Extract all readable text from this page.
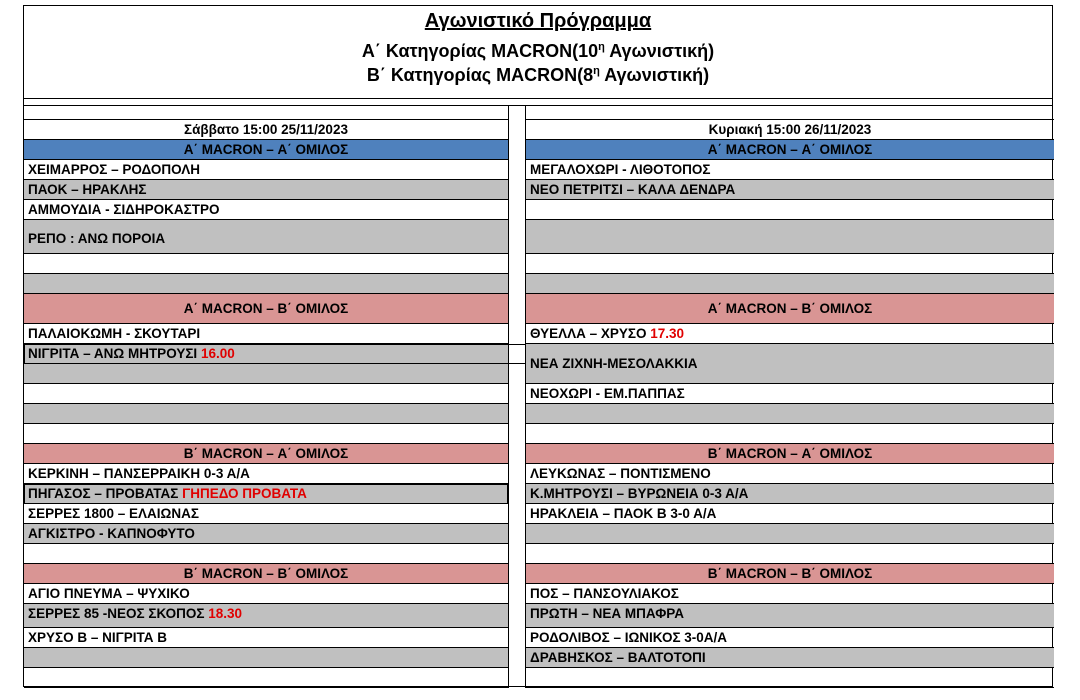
Αγωνιστικό Πρόγραμμα
Α΄ Κατηγορίας $MACRON(10^\eta$ Αγωνιστική)
Β΄ Κατηγορίας $MACRON(8^\eta$ Αγωνιστική)
Σάββατο 15:00 25/11/2023
Α΄ MACRON – Α΄ ΟΜΙΛΟΣ
ΧΕΙΜΑΡΡΟΣ – ΡΟΔΟΠΟΛΗ
ΠΑΟΚ – ΗΡΑΚΛΗΣ
ΑΜΜΟΥΔΙΑ - ΣΙΔΗΡΟΚΑΣΤΡΟ
ΡΕΠΟ : ΑΝΩ ΠΟΡΟΙΑ
Α΄ MACRON – Β΄ ΟΜΙΛΟΣ
ΠΑΛΑΙΟΚΩΜΗ - ΣΚΟΥΤΑΡΙ
ΝΙΓΡΙΤΑ – ΑΝΩ ΜΗΤΡΟΥΣΙ 16.00
Β΄ MACRON – Α΄ ΟΜΙΛΟΣ
ΚΕΡΚΙΝΗ – ΠΑΝΣΕΡΡΑΙΚΗ 0-3 Α/Α
ΠΗΓΑΣΟΣ – ΠΡΟΒΑΤΑΣ ΓΗΠΕΔΟ ΠΡΟΒΑΤΑ
ΣΕΡΡΕΣ 1800 – ΕΛΑΙΩΝΑΣ
ΑΓΚΙΣΤΡΟ - ΚΑΠΝΟΦΥΤΟ
Β΄ MACRON – Β΄ ΟΜΙΛΟΣ
ΑΓΙΟ ΠΝΕΥΜΑ – ΨΥΧΙΚΟ
ΣΕΡΡΕΣ 85 -ΝΕΟΣ ΣΚΟΠΟΣ 18.30
ΧΡΥΣΟ Β – ΝΙΓΡΙΤΑ Β
Κυριακή 15:00 26/11/2023
Α΄ MACRON – Α΄ ΟΜΙΛΟΣ
ΜΕΓΑΛΟΧΩΡΙ - ΛΙΘΟΤΟΠΟΣ
ΝΕΟ ΠΕΤΡΙΤΣΙ – ΚΑΛΑ ΔΕΝΔΡΑ
Α΄ MACRON – Β΄ ΟΜΙΛΟΣ
ΘΥΕΛΛΑ – ΧΡΥΣΟ 17.30
ΝΕΑ ΖΙΧΝΗ-ΜΕΣΟΛΑΚΚΙΑ
ΝΕΟΧΩΡΙ - ΕΜ.ΠΑΠΠΑΣ
Β΄ MACRON – Α΄ ΟΜΙΛΟΣ
ΛΕΥΚΩΝΑΣ – ΠΟΝΤΙΣΜΕΝΟ
Κ.ΜΗΤΡΟΥΣΙ – ΒΥΡΩΝΕΙΑ 0-3 Α/Α
ΗΡΑΚΛΕΙΑ – ΠΑΟΚ Β 3-0 Α/Α
Β΄ MACRON – Β΄ ΟΜΙΛΟΣ
ΠΟΣ – ΠΑΝΣΟΥΛΙΑΚΟΣ
ΠΡΩΤΗ – ΝΕΑ ΜΠΑΦΡΑ
ΡΟΔΟΛΙΒΟΣ – ΙΩΝΙΚΟΣ 3-0Α/Α
ΔΡΑΒΗΣΚΟΣ – ΒΑΛΤΟΤΟΠΙ
